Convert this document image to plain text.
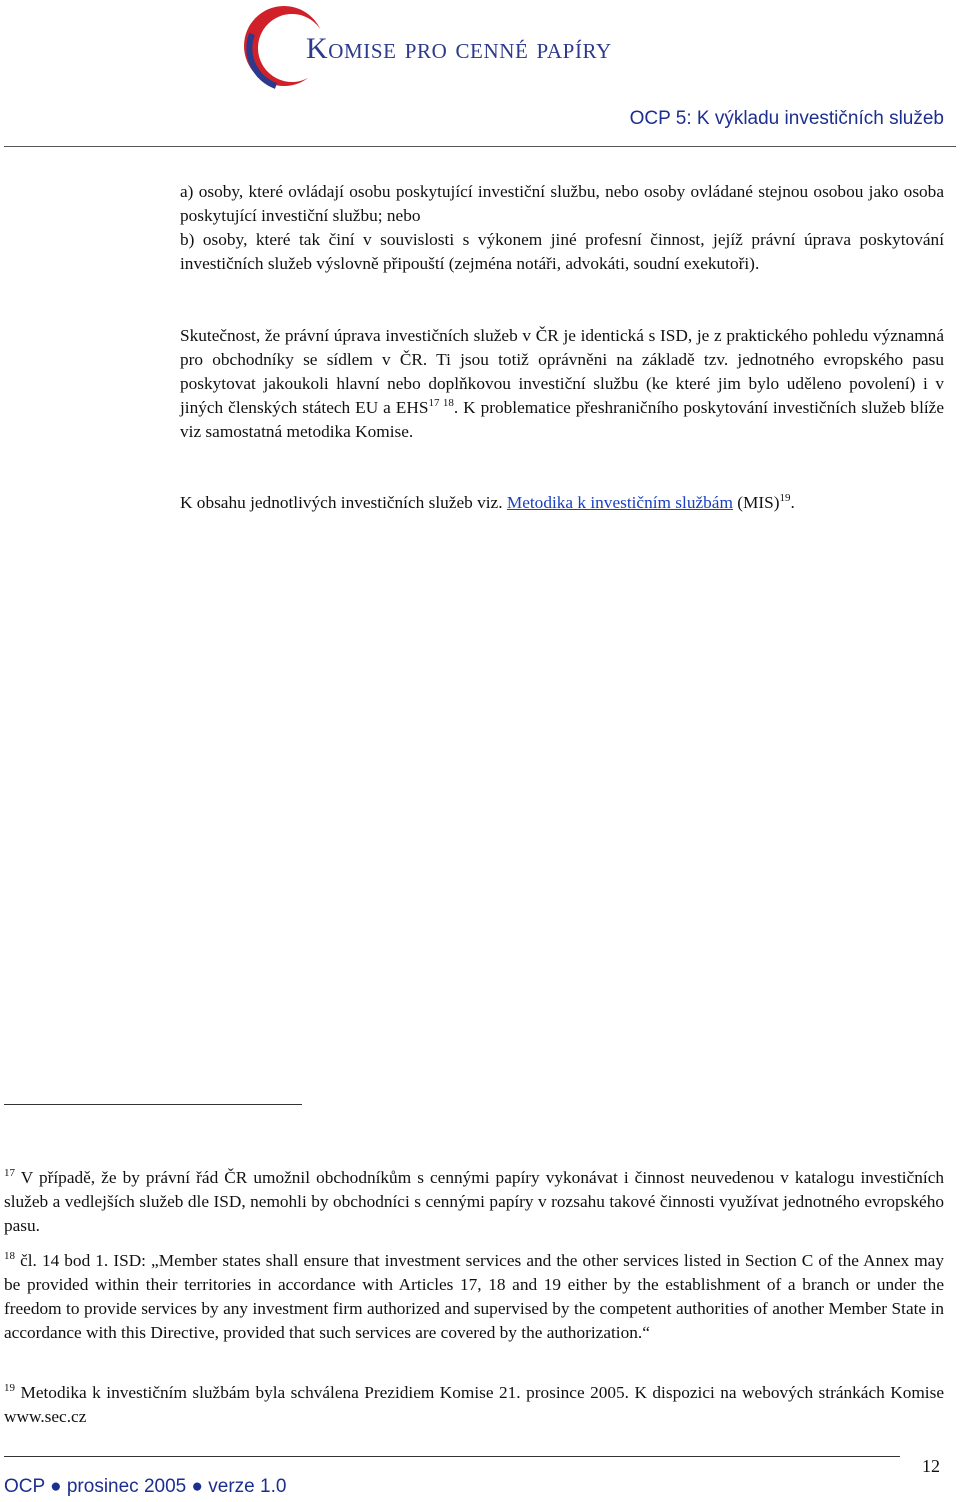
Komise pro cenné papíry
OCP 5: K výkladu investičních služeb

a) osoby, které ovládají osobu poskytující investiční službu, nebo osoby ovládané stejnou osobou jako osoba poskytující investiční službu; nebo

b) osoby, které tak činí v souvislosti s výkonem jiné profesní činnost, jejíž právní úprava poskytování investičních služeb výslovně připouští (zejména notáři, advokáti, soudní exekutoři).

Skutečnost, že právní úprava investičních služeb v ČR je identická s ISD, je z praktického pohledu významná pro obchodníky se sídlem v ČR. Ti jsou totiž oprávněni na základě tzv. jednotného evropského pasu poskytovat jakoukoli hlavní nebo doplňkovou investiční službu (ke které jim bylo uděleno povolení) i v jiných členských státech EU a $EHS^{17 18}$. K problematice přeshraničního poskytování investičních služeb blíže viz samostatná metodika Komise.

K obsahu jednotlivých investičních služeb viz. Metodika k investičním službám (MIS)$^{19}$.

$^{17}$ V případě, že by právní řád ČR umožnil obchodníkům s cennými papíry vykonávat i činnost neuvedenou v katalogu investičních služeb a vedlejších služeb dle ISD, nemohli by obchodníci s cennými papíry v rozsahu takové činnosti využívat jednotného evropského pasu.

$^{18}$ čl. 14 bod 1. ISD: „Member states shall ensure that investment services and the other services listed in Section C of the Annex may be provided within their territories in accordance with Articles 17, 18 and 19 either by the establishment of a branch or under the freedom to provide services by any investment firm authorized and supervised by the competent authorities of another Member State in accordance with this Directive, provided that such services are covered by the authorization.“

$^{19}$ Metodika k investičním službám byla schválena Prezidiem Komise 21. prosince 2005. K dispozici na webových stránkách Komise www.sec.cz

12
OCP ● prosinec 2005 ● verze 1.0
